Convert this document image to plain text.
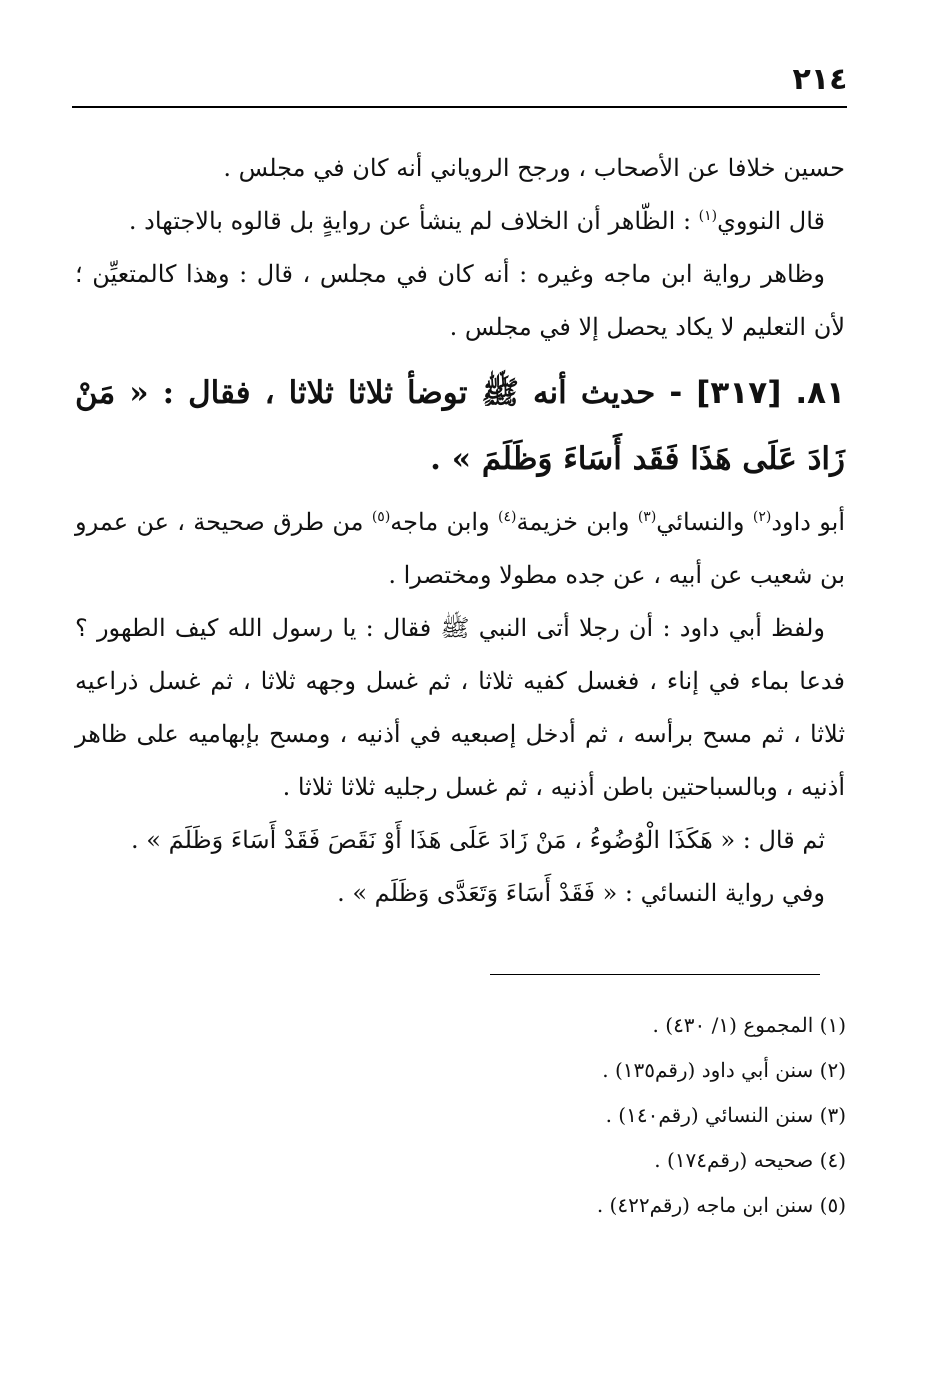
٢١٤

حسين خلافا عن الأصحاب ، ورجح الروياني أنه كان في مجلس .

قال النووي$^{(١)}$ : الظّاهر أن الخلاف لم ينشأ عن روايةٍ بل قالوه بالاجتهاد .

وظاهر رواية ابن ماجه وغيره : أنه كان في مجلس ، قال : وهذا كالمتعيِّن ؛ لأن التعليم لا يكاد يحصل إلا في مجلس .

٨١. [٣١٧] - حديث أنه ﷺ توضأ ثلاثا ثلاثا ، فقال : « مَنْ زَادَ عَلَى هَذَا فَقَد أَسَاءَ وَظَلَمَ » .

أبو داود$^{(٢)}$ والنسائي$^{(٣)}$ وابن خزيمة$^{(٤)}$ وابن ماجه$^{(٥)}$ من طرق صحيحة ، عن عمرو بن شعيب عن أبيه ، عن جده مطولا ومختصرا .

ولفظ أبي داود : أن رجلا أتى النبي ﷺ فقال : يا رسول الله كيف الطهور ؟ فدعا بماء في إناء ، فغسل كفيه ثلاثا ، ثم غسل وجهه ثلاثا ، ثم غسل ذراعيه ثلاثا ، ثم مسح برأسه ، ثم أدخل إصبعيه في أذنيه ، ومسح بإبهاميه على ظاهر أذنيه ، وبالسباحتين باطن أذنيه ، ثم غسل رجليه ثلاثا ثلاثا .

ثم قال : « هَكَذَا الْوُضُوءُ ، مَنْ زَادَ عَلَى هَذَا أَوْ نَقَصَ فَقَدْ أَسَاءَ وَظَلَمَ » .

وفي رواية النسائي : « فَقَدْ أَسَاءَ وَتَعَدَّى وَظَلَم » .

(١) المجموع (١/ ٤٣٠) .
(٢) سنن أبي داود (رقم١٣٥) .
(٣) سنن النسائي (رقم١٤٠) .
(٤) صحيحه (رقم١٧٤) .
(٥) سنن ابن ماجه (رقم٤٢٢) .
